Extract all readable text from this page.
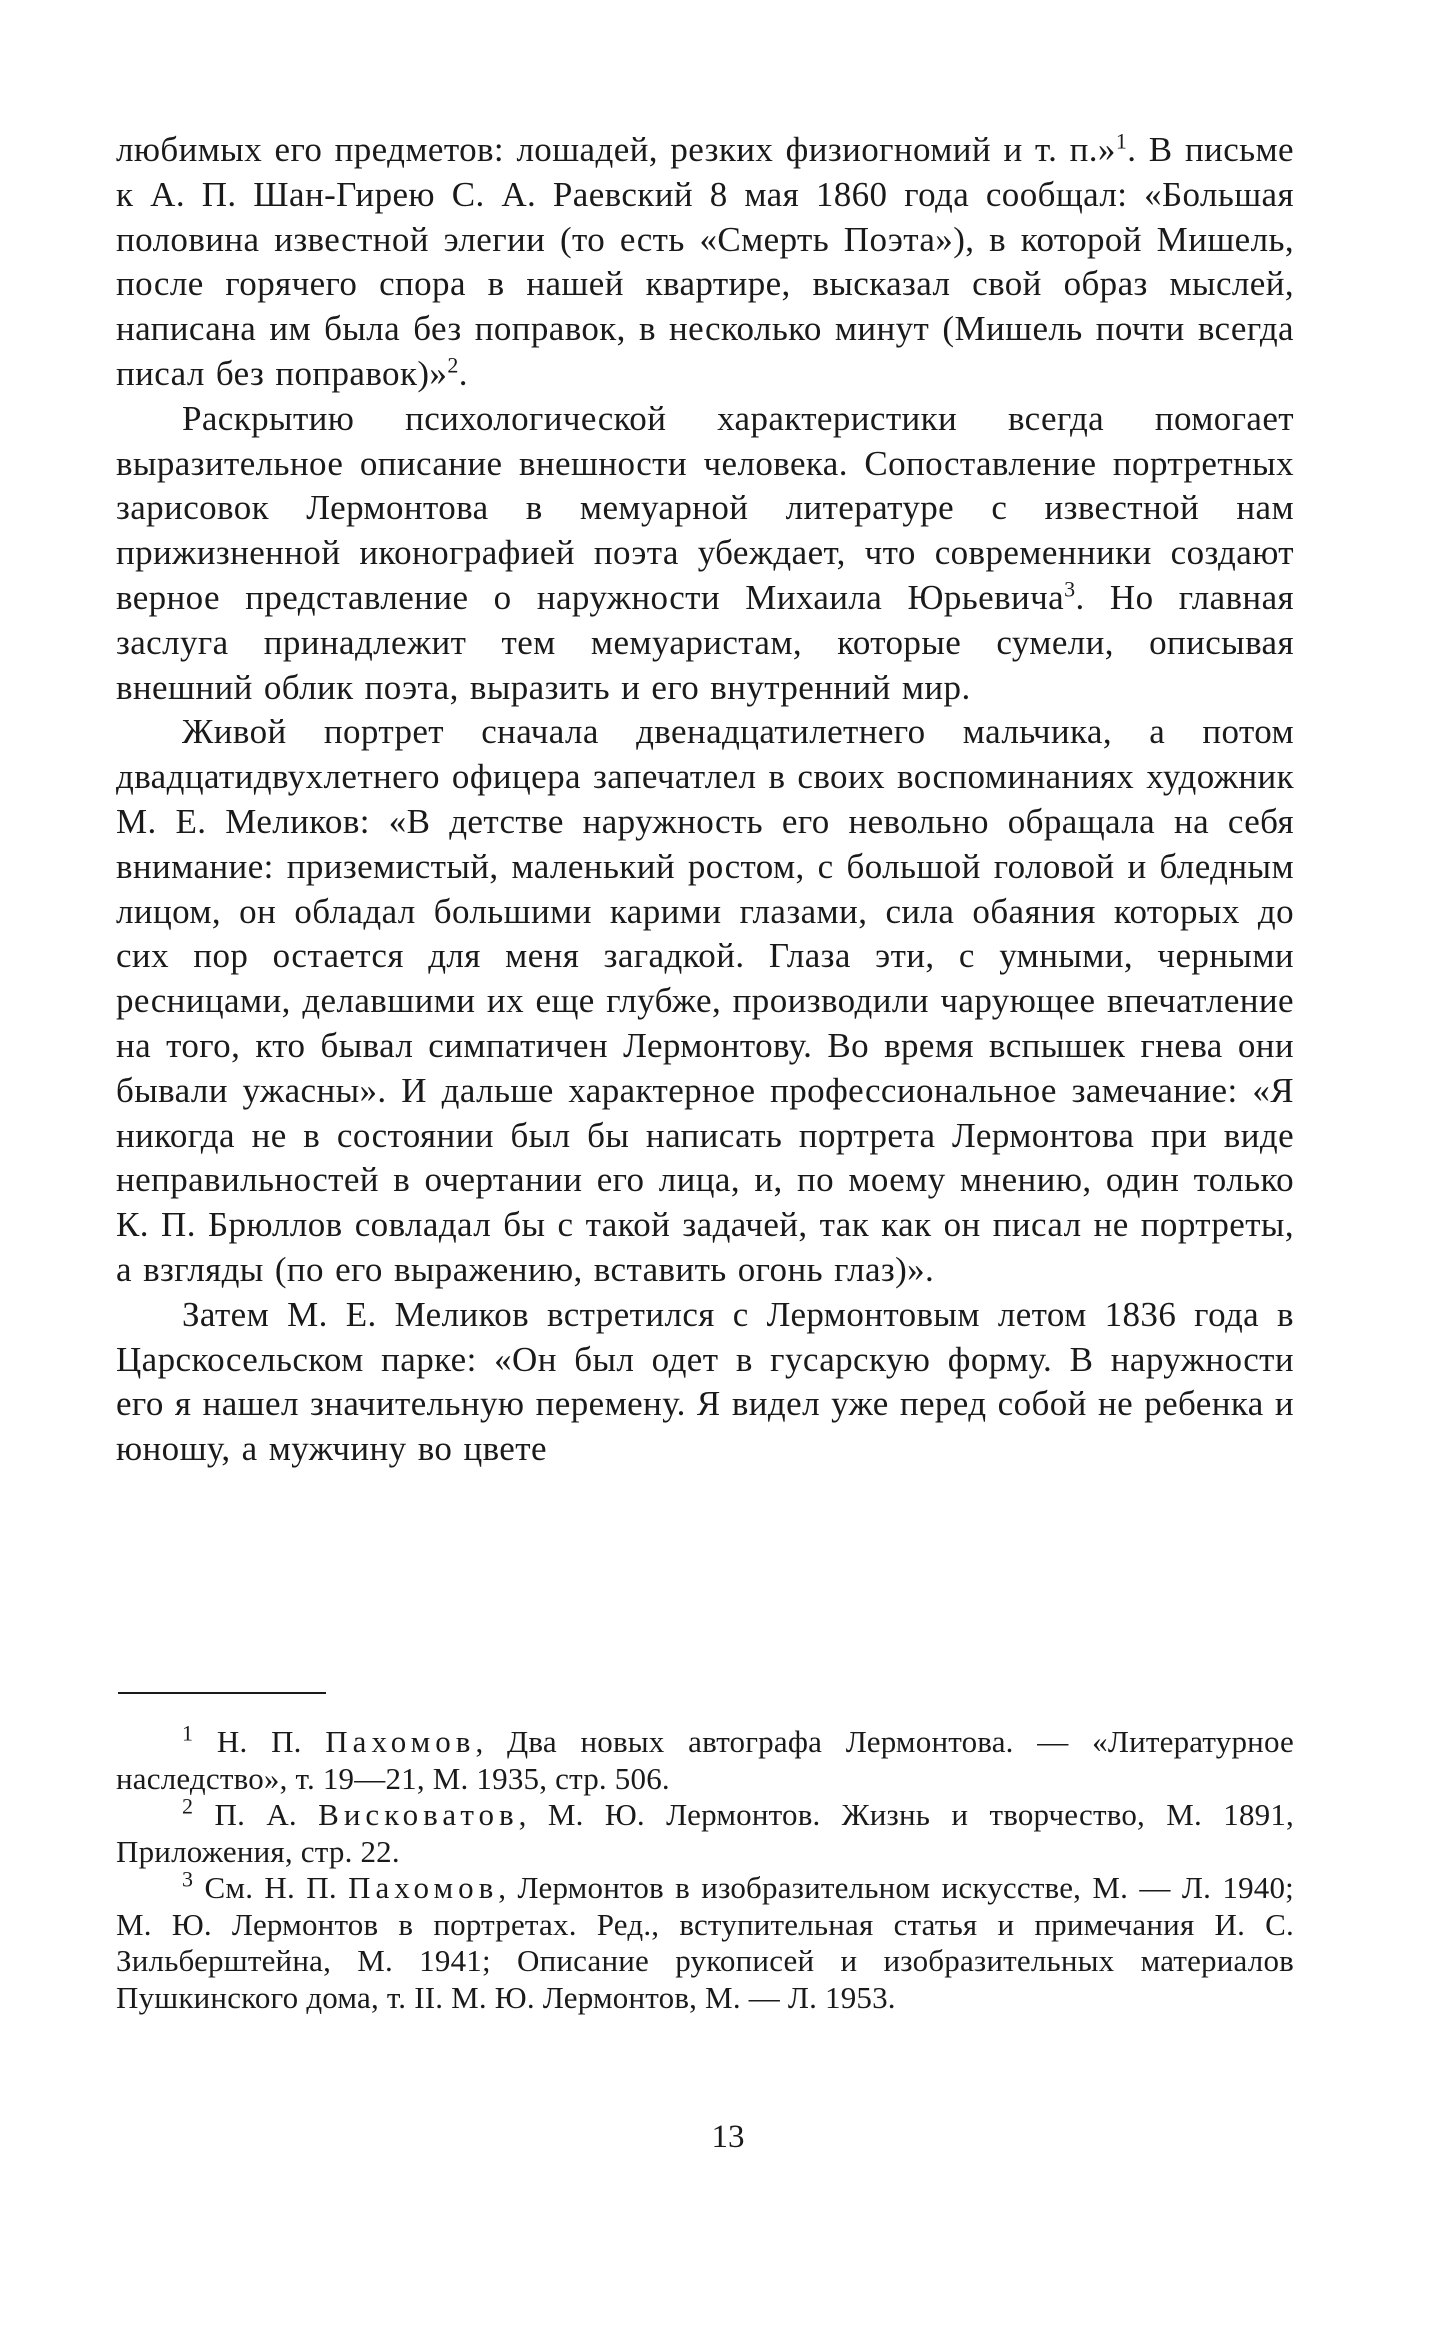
любимых его предметов: лошадей, резких физиогномий и т. п.»$^1$. В письме к А. П. Шан-Гирею С. А. Раевский 8 мая 1860 года сообщал: «Большая половина известной элегии (то есть «Смерть Поэта»), в которой Мишель, после горячего спора в нашей квартире, высказал свой образ мыслей, написана им была без поправок, в несколько минут (Мишель почти всегда писал без поправок)»$^2$.

Раскрытию психологической характеристики всегда помогает выразительное описание внешности человека. Сопоставление портретных зарисовок Лермонтова в мемуарной литературе с известной нам прижизненной иконографией поэта убеждает, что современники создают верное представление о наружности Михаила Юрьевича$^3$. Но главная заслуга принадлежит тем мемуаристам, которые сумели, описывая внешний облик поэта, выразить и его внутренний мир.

Живой портрет сначала двенадцатилетнего мальчика, а потом двадцатидвухлетнего офицера запечатлел в своих воспоминаниях художник М. Е. Меликов: «В детстве наружность его невольно обращала на себя внимание: приземистый, маленький ростом, с большой головой и бледным лицом, он обладал большими карими глазами, сила обаяния которых до сих пор остается для меня загадкой. Глаза эти, с умными, черными ресницами, делавшими их еще глубже, производили чарующее впечатление на того, кто бывал симпатичен Лермонтову. Во время вспышек гнева они бывали ужасны». И дальше характерное профессиональное замечание: «Я никогда не в состоянии был бы написать портрета Лермонтова при виде неправильностей в очертании его лица, и, по моему мнению, один только К. П. Брюллов совладал бы с такой задачей, так как он писал не портреты, а взгляды (по его выражению, вставить огонь глаз)».

Затем М. Е. Меликов встретился с Лермонтовым летом 1836 года в Царскосельском парке: «Он был одет в гусарскую форму. В наружности его я нашел значительную перемену. Я видел уже перед собой не ребенка и юношу, а мужчину во цвете

$^1$ Н. П. Пахомов, Два новых автографа Лермонтова. — «Литературное наследство», т. 19—21, М. 1935, стр. 506.

$^2$ П. А. Висковатов, М. Ю. Лермонтов. Жизнь и творчество, М. 1891, Приложения, стр. 22.

$^3$ См. Н. П. Пахомов, Лермонтов в изобразительном искусстве, М. — Л. 1940; М. Ю. Лермонтов в портретах. Ред., вступительная статья и примечания И. С. Зильберштейна, М. 1941; Описание рукописей и изобразительных материалов Пушкинского дома, т. II. М. Ю. Лермонтов, М. — Л. 1953.

13
